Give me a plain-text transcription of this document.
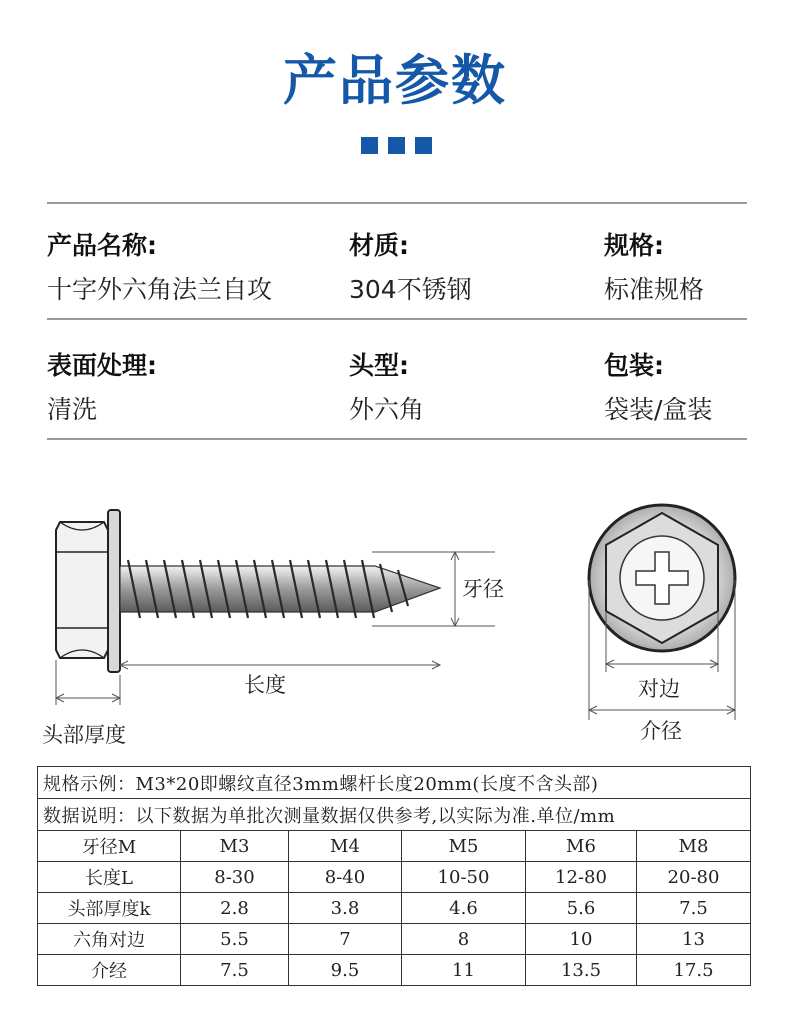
产品参数
产品名称:
十字外六角法兰自攻
材质:
304不锈钢
规格:
标准规格
表面处理:
清洗
头型:
外六角
包装:
袋装/盒装
牙径
长度
头部厚度
对边
介径
规格示例：M3*20即螺纹直径3mm螺杆长度20mm(长度不含头部)					
数据说明：以下数据为单批次测量数据仅供参考,以实际为准.单位/mm					
牙径M	M3	M4	M5	M6	M8
长度L	8-30	8-40	10-50	12-80	20-80
头部厚度k	2.8	3.8	4.6	5.6	7.5
六角对边	5.5	7	8	10	13
介经	7.5	9.5	11	13.5	17.5
